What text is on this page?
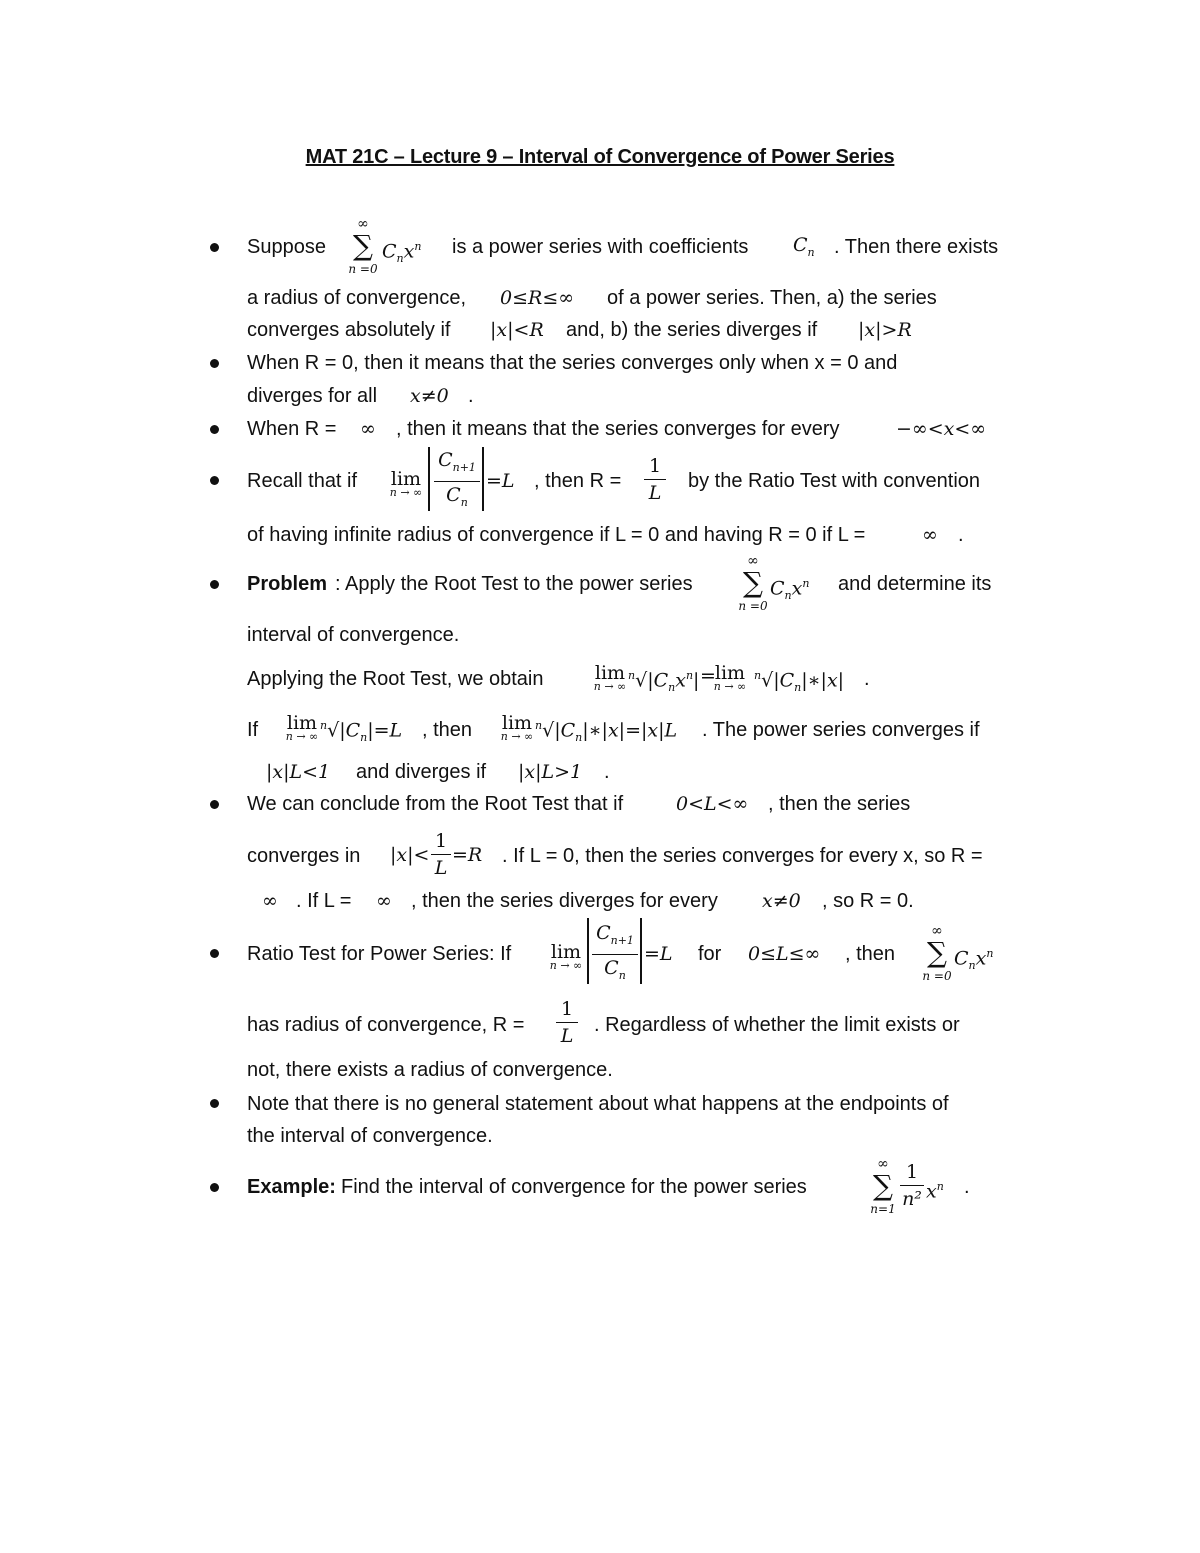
MAT 21C – Lecture 9 – Interval of Convergence of Power Series
Suppose
∞
∑
n =0
$C_nx^n$ is a power series with coefficients $C_n$ . Then there exists
a radius of convergence, 0≤R≤∞ of a power series. Then, a) the series
converges absolutely if |x|<R and, b) the series diverges if |x|>R
When R = 0, then it means that the series converges only when x = 0 and
diverges for all x≠0 .
When R = ∞ , then it means that the series converges for every	−∞<x<∞
Recall that if lim
n → ∞ $\frac{C_{n+1}}{C_n} =L$ , then $R = \frac{1}{L}$ by the Ratio Test with convention
of having infinite radius of convergence if L = 0 and having R = 0 if L =	∞ .
Problem : Apply the Root Test to the power series
∞
∑
n =0
$C_nx^n$ and determine its
interval of convergence.
Applying the Root Test, we obtain	lim
n → ∞
$^n√|C_nx^n|$ lim
n → ∞
=	$^n√|C_n|∗|x|$ .
If lim
n → ∞
$^n√|C_n|=L$ , then lim
n → ∞
$^n√|C_n|∗|x|=|x|L$ . The power series converges if
|x|L<1 and diverges if |x|L>1 .
We can conclude from the Root Test that if	0<L<∞ , then the series
converges in $|x|< \frac{1}{L} =R$ . If L = 0, then the series converges for every x, so R =
∞ . If L = ∞ , then the series diverges for every x≠0 , so R = 0.
Ratio Test for Power Series: If lim
n → ∞ $\frac{C_{n+1}}{C_n} =L$ for 0≤L≤∞ , then
∞
∑
n =0
$C_nx^n$
has radius of convergence, $R = \frac{1}{L}$ . Regardless of whether the limit exists or
not, there exists a radius of convergence.
Note that there is no general statement about what happens at the endpoints of
the interval of convergence.
Example: Find the interval of convergence for the power series
∞
∑
$n=1 \frac{1}{\text{n²}} x^n$ .
